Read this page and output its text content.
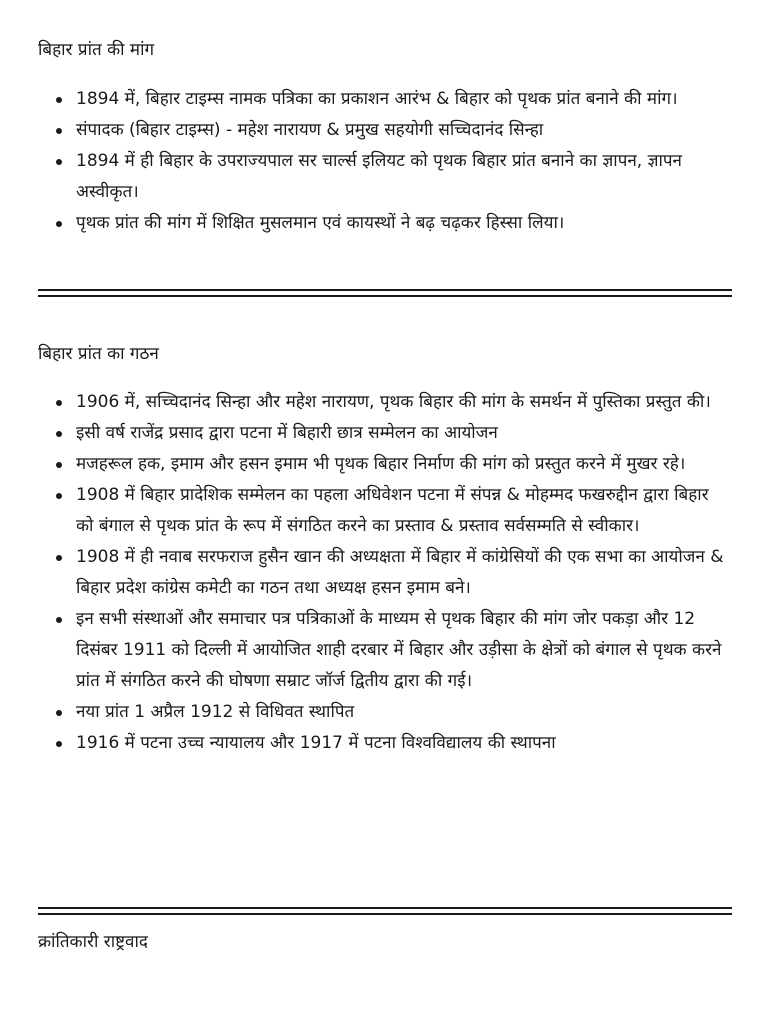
बिहार प्रांत की मांग
1894 में, बिहार टाइम्स नामक पत्रिका का प्रकाशन आरंभ & बिहार को पृथक प्रांत बनाने की मांग।
संपादक (बिहार टाइम्स) - महेश नारायण & प्रमुख सहयोगी सच्चिदानंद सिन्हा
1894 में ही बिहार के उपराज्यपाल सर चार्ल्स इलियट को पृथक बिहार प्रांत बनाने का ज्ञापन, ज्ञापन अस्वीकृत।
पृथक प्रांत की मांग में शिक्षित मुसलमान एवं कायस्थों ने बढ़ चढ़कर हिस्सा लिया।
बिहार प्रांत का गठन
1906 में, सच्चिदानंद सिन्हा और महेश नारायण, पृथक बिहार की मांग के समर्थन में पुस्तिका प्रस्तुत की।
इसी वर्ष राजेंद्र प्रसाद द्वारा पटना में बिहारी छात्र सम्मेलन का आयोजन
मजहरूल हक, इमाम और हसन इमाम भी पृथक बिहार निर्माण की मांग को प्रस्तुत करने में मुखर रहे।
1908 में बिहार प्रादेशिक सम्मेलन का पहला अधिवेशन पटना में संपन्न & मोहम्मद फखरुद्दीन द्वारा बिहार को बंगाल से पृथक प्रांत के रूप में संगठित करने का प्रस्ताव & प्रस्ताव सर्वसम्मति से स्वीकार।
1908 में ही नवाब सरफराज हुसैन खान की अध्यक्षता में बिहार में कांग्रेसियों की एक सभा का आयोजन & बिहार प्रदेश कांग्रेस कमेटी का गठन तथा अध्यक्ष हसन इमाम बने।
इन सभी संस्थाओं और समाचार पत्र पत्रिकाओं के माध्यम से पृथक बिहार की मांग जोर पकड़ा और 12 दिसंबर 1911 को दिल्ली में आयोजित शाही दरबार में बिहार और उड़ीसा के क्षेत्रों को बंगाल से पृथक करने प्रांत में संगठित करने की घोषणा सम्राट जॉर्ज द्वितीय द्वारा की गई।
नया प्रांत 1 अप्रैल 1912 से विधिवत स्थापित
1916 में पटना उच्च न्यायालय और 1917 में पटना विश्वविद्यालय की स्थापना
क्रांतिकारी राष्ट्रवाद
